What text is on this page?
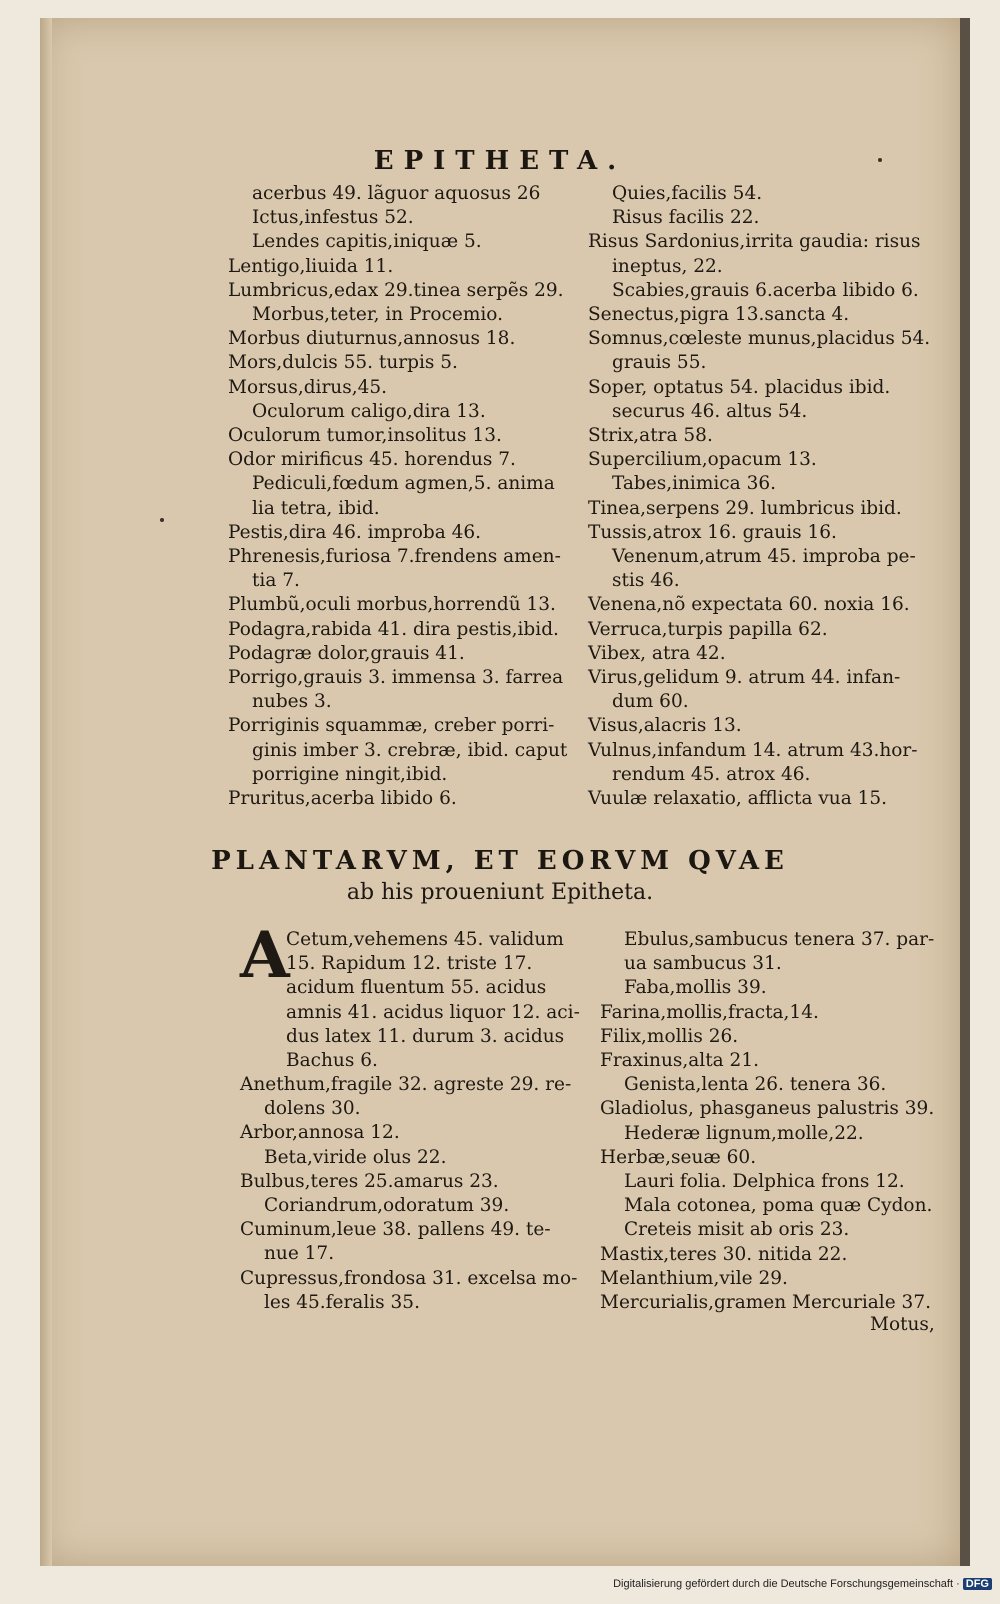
EPITHETA.
acerbus 49. lãguor aquosus 26
Ictus,infestus 52.
Lendes capitis,iniquæ 5.
Lentigo,liuida 11.
Lumbricus,edax 29.tinea serpẽs 29.
Morbus,teter, in Procemio.
Morbus diuturnus,annosus 18.
Mors,dulcis 55. turpis 5.
Morsus,dirus,45.
Oculorum caligo,dira 13.
Oculorum tumor,insolitus 13.
Odor mirificus 45. horendus 7.
Pediculi,fœdum agmen,5. anima
lia tetra, ibid.
Pestis,dira 46. improba 46.
Phrenesis,furiosa 7.frendens amen-
tia 7.
Plumbũ,oculi morbus,horrendũ 13.
Podagra,rabida 41. dira pestis,ibid.
Podagræ dolor,grauis 41.
Porrigo,grauis 3. immensa 3. farrea
nubes 3.
Porriginis squammæ, creber porri-
ginis imber 3. crebræ, ibid. caput
porrigine ningit,ibid.
Pruritus,acerba libido 6.
Quies,facilis 54.
Risus facilis 22.
Risus Sardonius,irrita gaudia: risus
ineptus, 22.
Scabies,grauis 6.acerba libido 6.
Senectus,pigra 13.sancta 4.
Somnus,cœleste munus,placidus 54.
grauis 55.
Soper, optatus 54. placidus ibid.
securus 46. altus 54.
Strix,atra 58.
Supercilium,opacum 13.
Tabes,inimica 36.
Tinea,serpens 29. lumbricus ibid.
Tussis,atrox 16. grauis 16.
Venenum,atrum 45. improba pe-
stis 46.
Venena,nõ expectata 60. noxia 16.
Verruca,turpis papilla 62.
Vibex, atra 42.
Virus,gelidum 9. atrum 44. infan-
dum 60.
Visus,alacris 13.
Vulnus,infandum 14. atrum 43.hor-
rendum 45. atrox 46.
Vuulæ relaxatio, afflicta vua 15.
PLANTARVM, ET EORVM QVAE
ab his proueniunt Epitheta.
A
Cetum,vehemens 45. validum
15. Rapidum 12. triste 17.
acidum fluentum 55. acidus
amnis 41. acidus liquor 12. aci-
dus latex 11. durum 3. acidus
Bachus 6.
Anethum,fragile 32. agreste 29. re-
dolens 30.
Arbor,annosa 12.
Beta,viride olus 22.
Bulbus,teres 25.amarus 23.
Coriandrum,odoratum 39.
Cuminum,leue 38. pallens 49. te-
nue 17.
Cupressus,frondosa 31. excelsa mo-
les 45.feralis 35.
Ebulus,sambucus tenera 37. par-
ua sambucus 31.
Faba,mollis 39.
Farina,mollis,fracta,14.
Filix,mollis 26.
Fraxinus,alta 21.
Genista,lenta 26. tenera 36.
Gladiolus, phasganeus palustris 39.
Hederæ lignum,molle,22.
Herbæ,seuæ 60.
Lauri folia. Delphica frons 12.
Mala cotonea, poma quæ Cydon.
Creteis misit ab oris 23.
Mastix,teres 30. nitida 22.
Melanthium,vile 29.
Mercurialis,gramen Mercuriale 37.
Motus,
Digitalisierung gefördert durch die Deutsche Forschungsgemeinschaft · DFG
